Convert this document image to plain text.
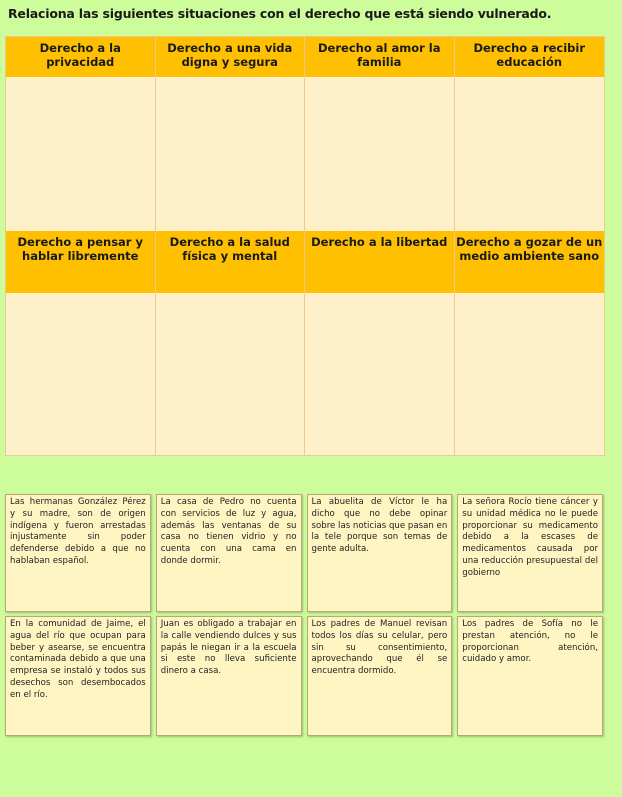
Relaciona las siguientes situaciones con el derecho que está siendo vulnerado.
Derecho a la privacidad
Derecho a una vida digna y segura
Derecho al amor la familia
Derecho a recibir educación
Derecho a pensar y hablar libremente
Derecho a la salud física y mental
Derecho a la libertad Derecho a gozar de un medio ambiente sano
Las hermanas González Pérez y su madre, son de origen indígena y fueron arrestadas injustamente sin poder defenderse debido a que no hablaban español.
La casa de Pedro no cuenta con servicios de luz y agua, además las ventanas de su casa no tienen vidrio y no cuenta con una cama en donde dormir.
La abuelita de Víctor le ha dicho que no debe opinar sobre las noticias que pasan en la tele porque son temas de gente adulta.
La señora Rocío tiene cáncer y su unidad médica no le puede proporcionar su medicamento debido a la escases de medicamentos causada por una reducción presupuestal del gobierno
En la comunidad de Jaime, el agua del río que ocupan para beber y asearse, se encuentra contaminada debido a que una empresa se instaló y todos sus desechos son desembocados en el río.
Juan es obligado a trabajar en la calle vendiendo dulces y sus papás le niegan ir a la escuela si este no lleva suficiente dinero a casa.
Los padres de Manuel revisan todos los días su celular, pero sin su consentimiento, aprovechando que él se encuentra dormido.
Los padres de Sofía no le prestan atención, no le proporcionan atención, cuidado y amor.
